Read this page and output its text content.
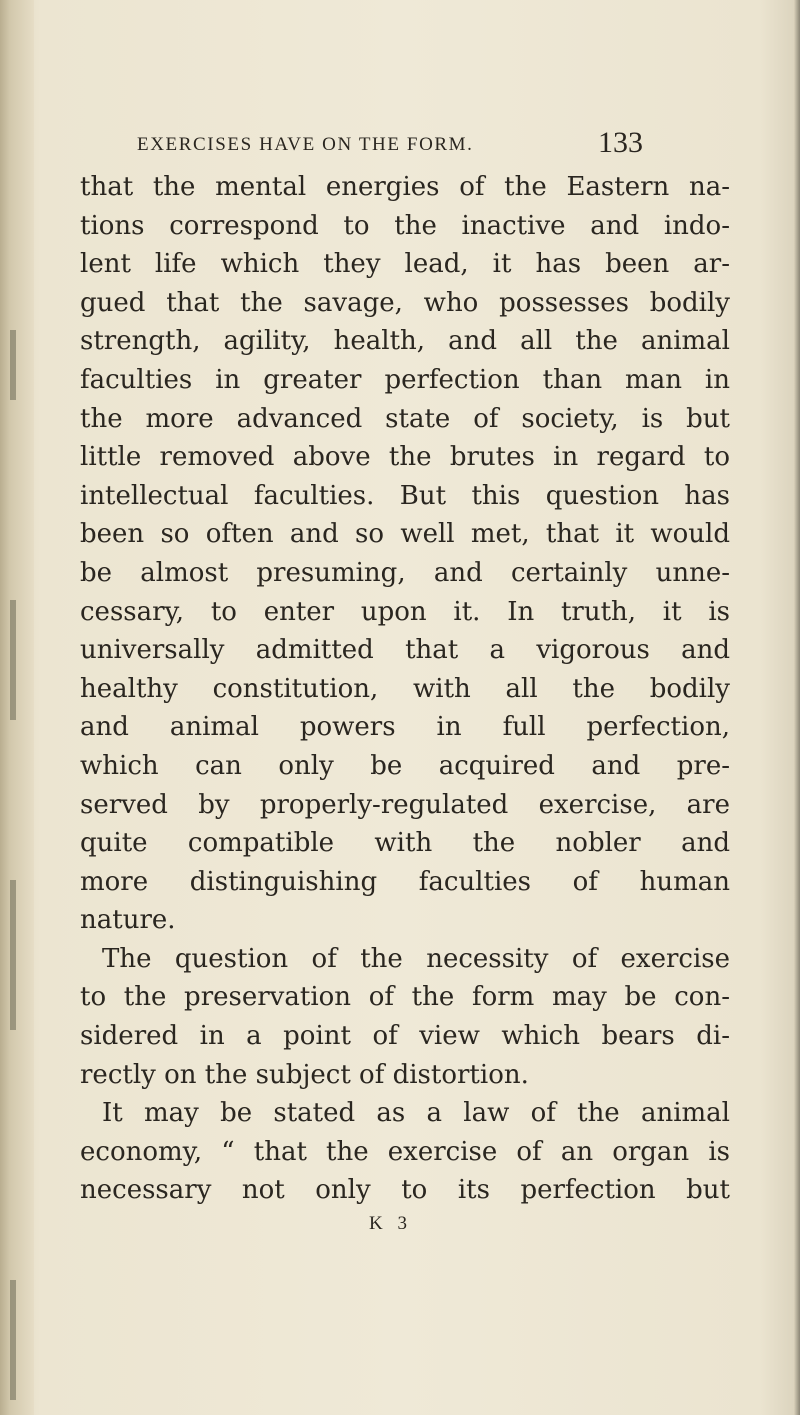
EXERCISES HAVE ON THE FORM.	133
that the mental energies of the Eastern na-
tions correspond to the inactive and indo-
lent life which they lead, it has been ar-
gued that the savage, who possesses bodily
strength, agility, health, and all the animal
faculties in greater perfection than man in
the more advanced state of society, is but
little removed above the brutes in regard to
intellectual faculties. But this question has
been so often and so well met, that it would
be almost presuming, and certainly unne-
cessary, to enter upon it. In truth, it is
universally admitted that a vigorous and
healthy constitution, with all the bodily
and animal powers in full perfection,
which can only be acquired and pre-
served by properly-regulated exercise, are
quite compatible with the nobler and
more distinguishing faculties of human
nature.
The question of the necessity of exercise
to the preservation of the form may be con-
sidered in a point of view which bears di-
rectly on the subject of distortion.
It may be stated as a law of the animal
economy, “ that the exercise of an organ is
necessary not only to its perfection but
K 3
